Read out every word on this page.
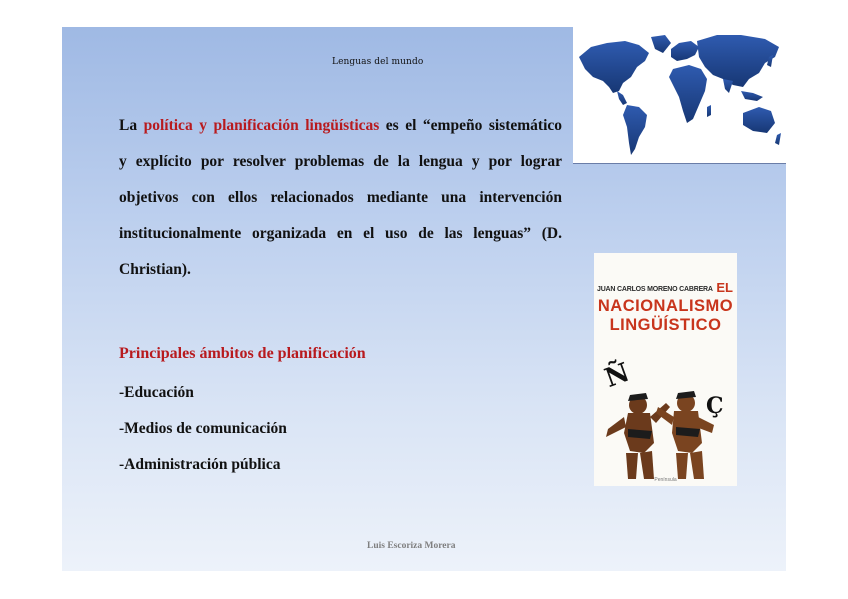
Lenguas del mundo
La política y planificación lingüísticas es el “empeño sistemático y explícito por resolver problemas de la lengua y por lograr objetivos con ellos relacionados mediante una intervención institucionalmente organizada en el uso de las lenguas” (D. Christian).
Principales ámbitos de planificación
-Educación
-Medios de comunicación
-Administración pública
Ñ
Ç
JUAN CARLOS MORENO CABRERA EL
NACIONALISMO
LINGÜÍSTICO
Península
Luis Escoriza Morera
